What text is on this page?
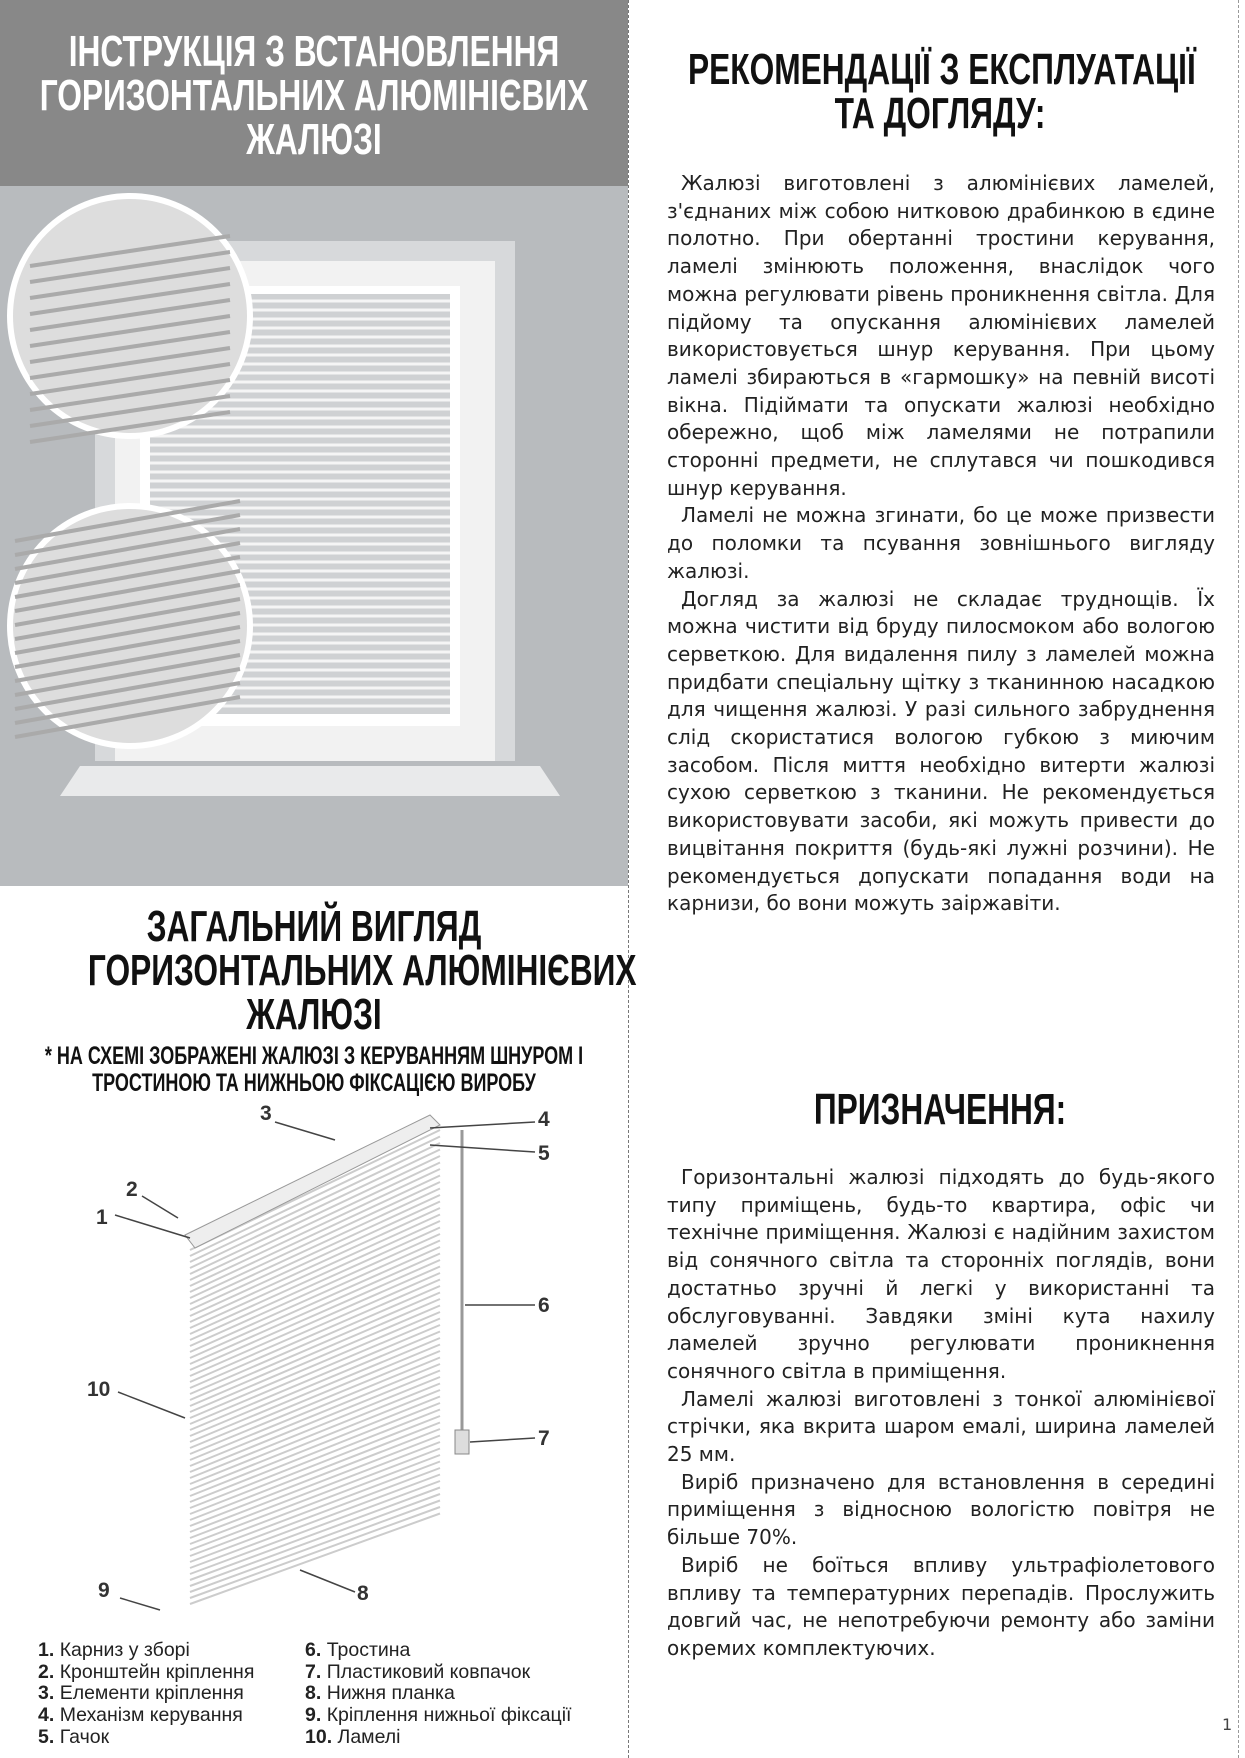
ІНСТРУКЦІЯ З ВСТАНОВЛЕННЯ
ГОРИЗОНТАЛЬНИХ АЛЮМІНІЄВИХ
ЖАЛЮЗІ
ЗАГАЛЬНИЙ ВИГЛЯД
ГОРИЗОНТАЛЬНИХ АЛЮМІНІЄВИХ
ЖАЛЮЗІ
* НА СХЕМІ ЗОБРАЖЕНІ ЖАЛЮЗІ З КЕРУВАННЯМ ШНУРОМ І
ТРОСТИНОЮ ТА НИЖНЬОЮ ФІКСАЦІЄЮ ВИРОБУ
1
2
3	4
5
6
7
8
9
10
1. Карниз у зборі
2. Кронштейн кріплення
3. Елементи кріплення
4. Механізм керування
5. Гачок
6. Тростина
7. Пластиковий ковпачок
8. Нижня планка
9. Кріплення нижньої фіксації
10. Ламелі
РЕКОМЕНДАЦІЇ З ЕКСПЛУАТАЦІЇ
ТА ДОГЛЯДУ:

Жалюзі виготовлені з алюмінієвих ламелей, з'єднаних між собою нитковою драбинкою в єдине полотно. При обертанні тростини керування, ламелі змінюють положення, внаслідок чого можна регулювати рівень проникнення світла. Для підйому та опускання алюмінієвих ламелей використовується шнур керування. При цьому ламелі збираються в «гармошку» на певній висоті вікна. Підіймати та опускати жалюзі необхідно обережно, щоб між ламелями не потрапили сторонні предмети, не сплутався чи пошкодився шнур керування.

Ламелі не можна згинати, бо це може призвести до поломки та псування зовнішнього вигляду жалюзі.

Догляд за жалюзі не складає труднощів. Їх можна чистити від бруду пилосмоком або вологою серветкою. Для видалення пилу з ламелей можна придбати спеціальну щітку з тканинною насадкою для чищення жалюзі. У разі сильного забруднення слід скористатися вологою губкою з миючим засобом. Після миття необхідно витерти жалюзі сухою серветкою з тканини. Не рекомендується використовувати засоби, які можуть привести до вицвітання покриття (будь-які лужні розчини). Не рекомендується допускати попадання води на карнизи, бо вони можуть заіржавіти.

ПРИЗНАЧЕННЯ:

Горизонтальні жалюзі підходять до будь-якого типу приміщень, будь-то квартира, офіс чи технічне приміщення. Жалюзі є надійним захистом від сонячного світла та сторонніх поглядів, вони достатньо зручні й легкі у використанні та обслуговуванні. Завдяки зміні кута нахилу ламелей зручно регулювати проникнення сонячного світла в приміщення.

Ламелі жалюзі виготовлені з тонкої алюмінієвої стрічки, яка вкрита шаром емалі, ширина ламелей 25 мм.

Виріб призначено для встановлення в середині приміщення з відносною вологістю повітря не більше 70%.

Виріб не боїться впливу ультрафіолетового впливу та температурних перепадів. Прослужить довгий час, не непотребуючи ремонту або заміни окремих комплектуючих.

1
